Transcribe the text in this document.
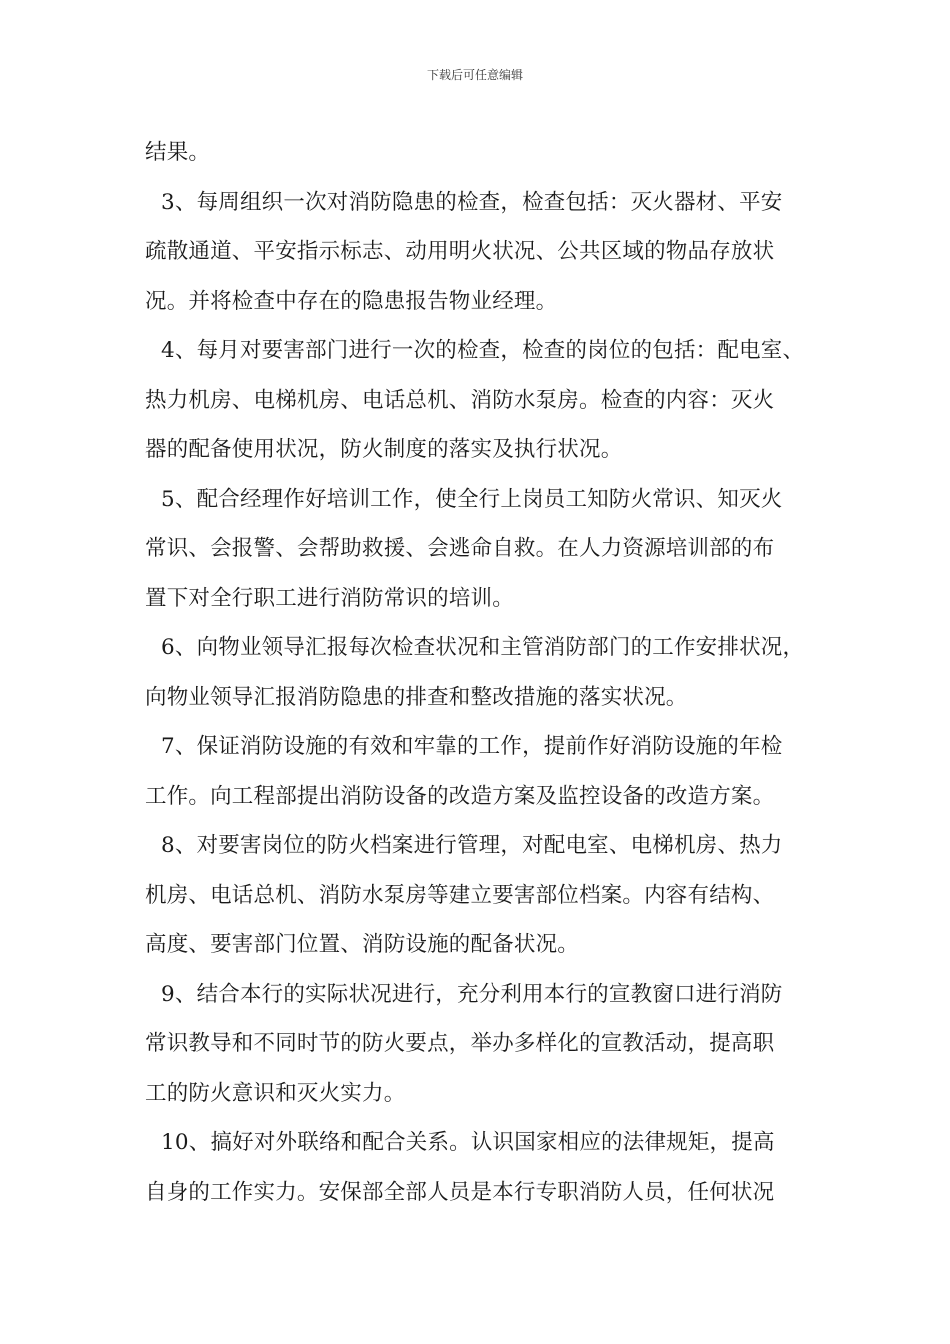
下载后可任意编辑
结果。
3、每周组织一次对消防隐患的检查，检查包括：灭火器材、平安
疏散通道、平安指示标志、动用明火状况、公共区域的物品存放状
况。并将检查中存在的隐患报告物业经理。
4、每月对要害部门进行一次的检查，检查的岗位的包括：配电室、
热力机房、电梯机房、电话总机、消防水泵房。检查的内容：灭火
器的配备使用状况，防火制度的落实及执行状况。
5、配合经理作好培训工作，使全行上岗员工知防火常识、知灭火
常识、会报警、会帮助救援、会逃命自救。在人力资源培训部的布
置下对全行职工进行消防常识的培训。
6、向物业领导汇报每次检查状况和主管消防部门的工作安排状况，
向物业领导汇报消防隐患的排查和整改措施的落实状况。
7、保证消防设施的有效和牢靠的工作，提前作好消防设施的年检
工作。向工程部提出消防设备的改造方案及监控设备的改造方案。
8、对要害岗位的防火档案进行管理，对配电室、电梯机房、热力
机房、电话总机、消防水泵房等建立要害部位档案。内容有结构、
高度、要害部门位置、消防设施的配备状况。
9、结合本行的实际状况进行，充分利用本行的宣教窗口进行消防
常识教导和不同时节的防火要点，举办多样化的宣教活动，提高职
工的防火意识和灭火实力。
10、搞好对外联络和配合关系。认识国家相应的法律规矩，提高
自身的工作实力。安保部全部人员是本行专职消防人员，任何状况
